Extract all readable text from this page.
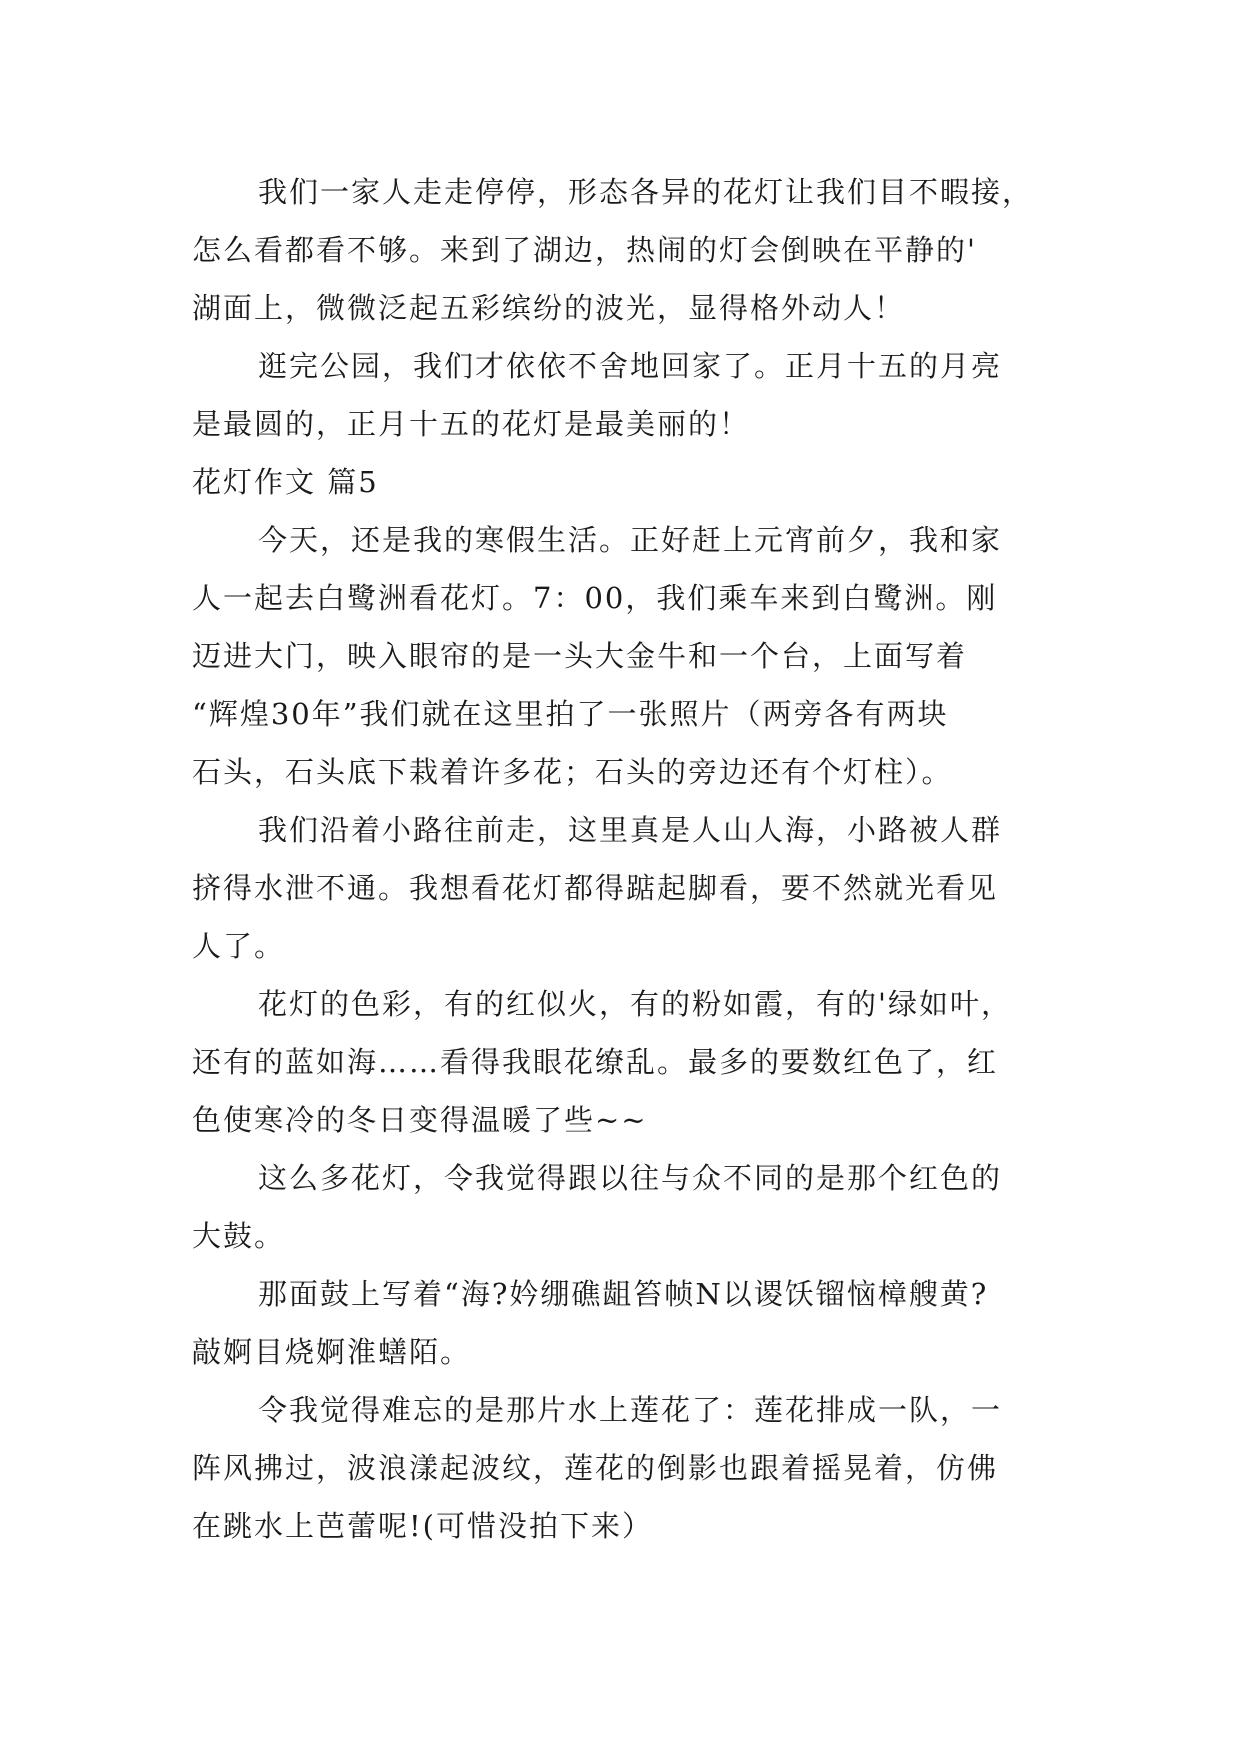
我们一家人走走停停，形态各异的花灯让我们目不暇接，
怎么看都看不够。来到了湖边，热闹的灯会倒映在平静的'
湖面上，微微泛起五彩缤纷的波光，显得格外动人！
逛完公园，我们才依依不舍地回家了。正月十五的月亮
是最圆的，正月十五的花灯是最美丽的！
花灯作文 篇5
今天，还是我的寒假生活。正好赶上元宵前夕，我和家
人一起去白鹭洲看花灯。7：00，我们乘车来到白鹭洲。刚
迈进大门，映入眼帘的是一头大金牛和一个台，上面写着
“辉煌30年”我们就在这里拍了一张照片（两旁各有两块
石头，石头底下栽着许多花；石头的旁边还有个灯柱）。
我们沿着小路往前走，这里真是人山人海，小路被人群
挤得水泄不通。我想看花灯都得踮起脚看，要不然就光看见
人了。
花灯的色彩，有的红似火，有的粉如霞，有的'绿如叶，
还有的蓝如海……看得我眼花缭乱。最多的要数红色了，红
色使寒冷的冬日变得温暖了些~~
这么多花灯，令我觉得跟以往与众不同的是那个红色的
大鼓。
那面鼓上写着“海?妗绷礁龃笞帧N以谡饫镏恼樟艘黄?
敲婀目烧婀淮蟮陌。
令我觉得难忘的是那片水上莲花了：莲花排成一队，一
阵风拂过，波浪漾起波纹，莲花的倒影也跟着摇晃着，仿佛
在跳水上芭蕾呢!(可惜没拍下来）
